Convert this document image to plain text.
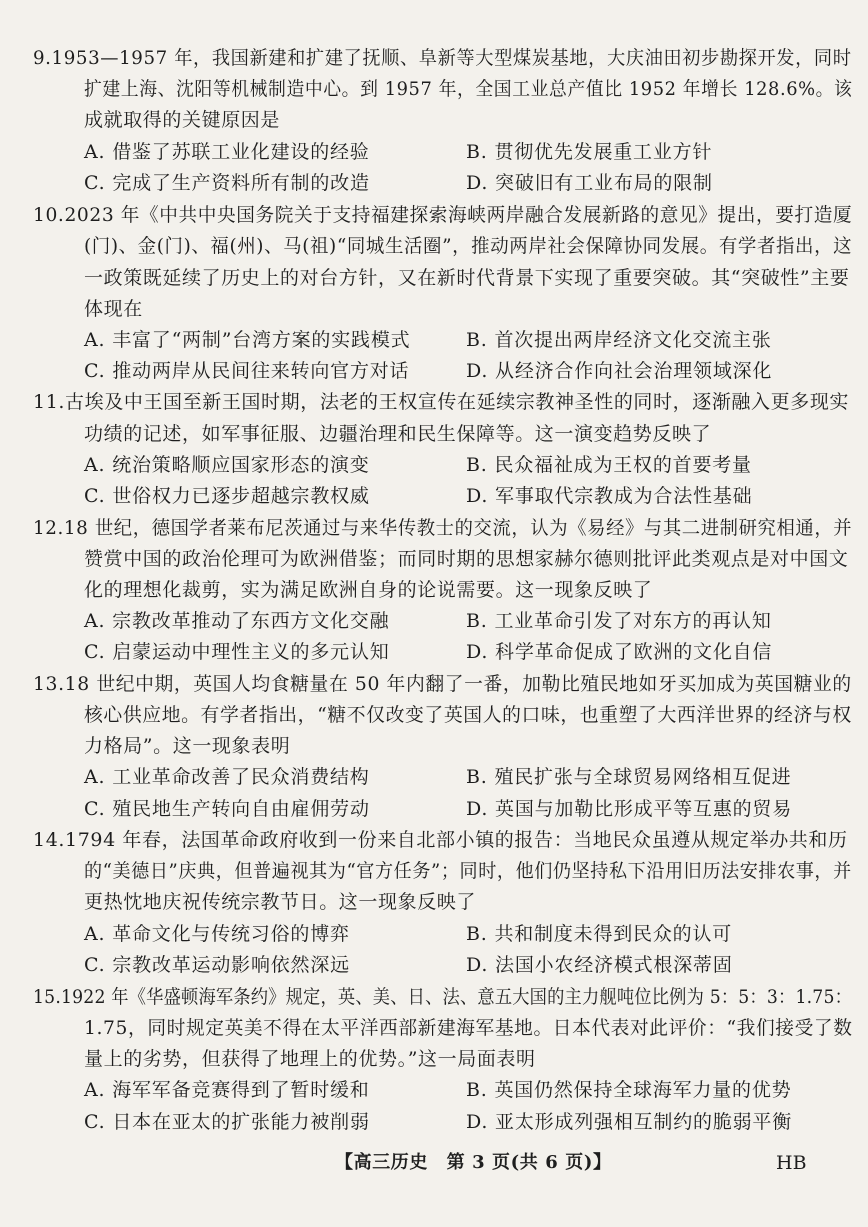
9.1953—1957 年，我国新建和扩建了抚顺、阜新等大型煤炭基地，大庆油田初步勘探开发，同时
扩建上海、沈阳等机械制造中心。到 1957 年，全国工业总产值比 1952 年增长 128.6%。该
成就取得的关键原因是
A. 借鉴了苏联工业化建设的经验	B. 贯彻优先发展重工业方针
C. 完成了生产资料所有制的改造	D. 突破旧有工业布局的限制
10.2023 年《中共中央国务院关于支持福建探索海峡两岸融合发展新路的意见》提出，要打造厦
(门)、金(门)、福(州)、马(祖)“同城生活圈”，推动两岸社会保障协同发展。有学者指出，这
一政策既延续了历史上的对台方针，又在新时代背景下实现了重要突破。其“突破性”主要
体现在
A. 丰富了“两制”台湾方案的实践模式	B. 首次提出两岸经济文化交流主张
C. 推动两岸从民间往来转向官方对话	D. 从经济合作向社会治理领域深化
11.古埃及中王国至新王国时期，法老的王权宣传在延续宗教神圣性的同时，逐渐融入更多现实
功绩的记述，如军事征服、边疆治理和民生保障等。这一演变趋势反映了
A. 统治策略顺应国家形态的演变	B. 民众福祉成为王权的首要考量
C. 世俗权力已逐步超越宗教权威	D. 军事取代宗教成为合法性基础
12.18 世纪，德国学者莱布尼茨通过与来华传教士的交流，认为《易经》与其二进制研究相通，并
赞赏中国的政治伦理可为欧洲借鉴；而同时期的思想家赫尔德则批评此类观点是对中国文
化的理想化裁剪，实为满足欧洲自身的论说需要。这一现象反映了
A. 宗教改革推动了东西方文化交融	B. 工业革命引发了对东方的再认知
C. 启蒙运动中理性主义的多元认知	D. 科学革命促成了欧洲的文化自信
13.18 世纪中期，英国人均食糖量在 50 年内翻了一番，加勒比殖民地如牙买加成为英国糖业的
核心供应地。有学者指出，“糖不仅改变了英国人的口味，也重塑了大西洋世界的经济与权
力格局”。这一现象表明
A. 工业革命改善了民众消费结构	B. 殖民扩张与全球贸易网络相互促进
C. 殖民地生产转向自由雇佣劳动	D. 英国与加勒比形成平等互惠的贸易
14.1794 年春，法国革命政府收到一份来自北部小镇的报告：当地民众虽遵从规定举办共和历
的“美德日”庆典，但普遍视其为“官方任务”；同时，他们仍坚持私下沿用旧历法安排农事，并
更热忱地庆祝传统宗教节日。这一现象反映了
A. 革命文化与传统习俗的博弈	B. 共和制度未得到民众的认可
C. 宗教改革运动影响依然深远	D. 法国小农经济模式根深蒂固
15.1922 年《华盛顿海军条约》规定，英、美、日、法、意五大国的主力舰吨位比例为 5：5：3：1.75：
1.75，同时规定英美不得在太平洋西部新建海军基地。日本代表对此评价：“我们接受了数
量上的劣势，但获得了地理上的优势。”这一局面表明
A. 海军军备竞赛得到了暂时缓和	B. 英国仍然保持全球海军力量的优势
C. 日本在亚太的扩张能力被削弱	D. 亚太形成列强相互制约的脆弱平衡
【高三历史　第 3 页(共 6 页)】	HB
